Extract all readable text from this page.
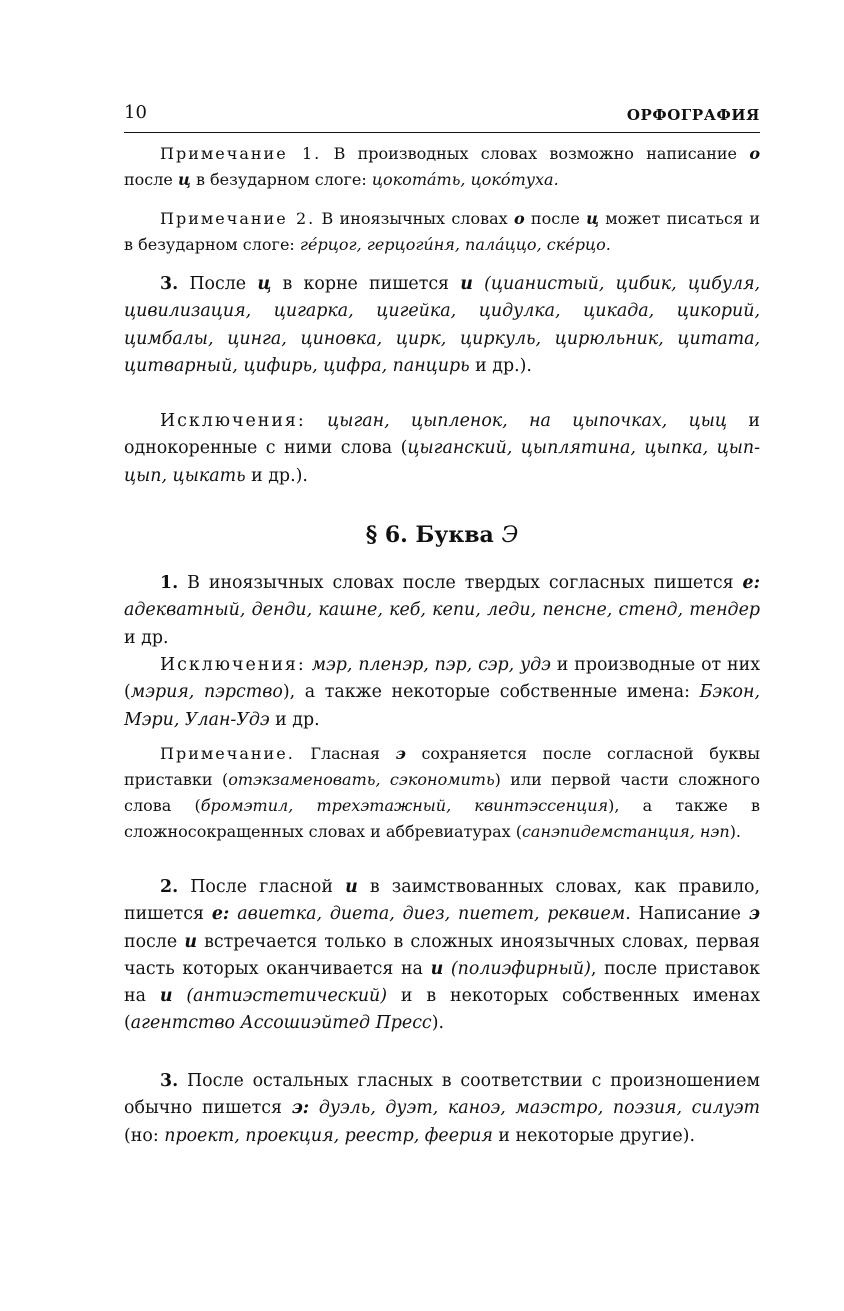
10	ОРФОГРАФИЯ

Примечание 1. В производных словах возможно написание о после ц в безударном слоге: цокота́ть, цоко́туха.

Примечание 2. В иноязычных словах о после ц может писаться и в безударном слоге: ге́рцог, герцоги́ня, пала́ццо, ске́рцо.

3. После ц в корне пишется и (цианистый, цибик, цибуля, цивилизация, цигарка, цигейка, цидулка, цикада, цикорий, цимбалы, цинга, циновка, цирк, циркуль, цирюльник, цитата, цитварный, цифирь, цифра, панцирь и др.).

Исключения: цыган, цыпленок, на цыпочках, цыц и однокоренные с ними слова (цыганский, цыплятина, цыпка, цып-цып, цыкать и др.).

§ 6. Буква Э

1. В иноязычных словах после твердых согласных пишется е: адекватный, денди, кашне, кеб, кепи, леди, пенсне, стенд, тендер и др.

Исключения: мэр, пленэр, пэр, сэр, удэ и производные от них (мэрия, пэрство), а также некоторые собственные имена: Бэкон, Мэри, Улан-Удэ и др.

Примечание. Гласная э сохраняется после согласной буквы приставки (отэкзаменовать, сэкономить) или первой части сложного слова (бромэтил, трехэтажный, квинтэссенция), а также в сложносокращенных словах и аббревиатурах (санэпидемстанция, нэп).

2. После гласной и в заимствованных словах, как правило, пишется е: авиетка, диета, диез, пиетет, реквием. Написание э после и встречается только в сложных иноязычных словах, первая часть которых оканчивается на и (полиэфирный), после приставок на и (антиэстетический) и в некоторых собственных именах (агентство Ассошиэйтед Пресс).

3. После остальных гласных в соответствии с произношением обычно пишется э: дуэль, дуэт, каноэ, маэстро, поэзия, силуэт (но: проект, проекция, реестр, феерия и некоторые другие).
